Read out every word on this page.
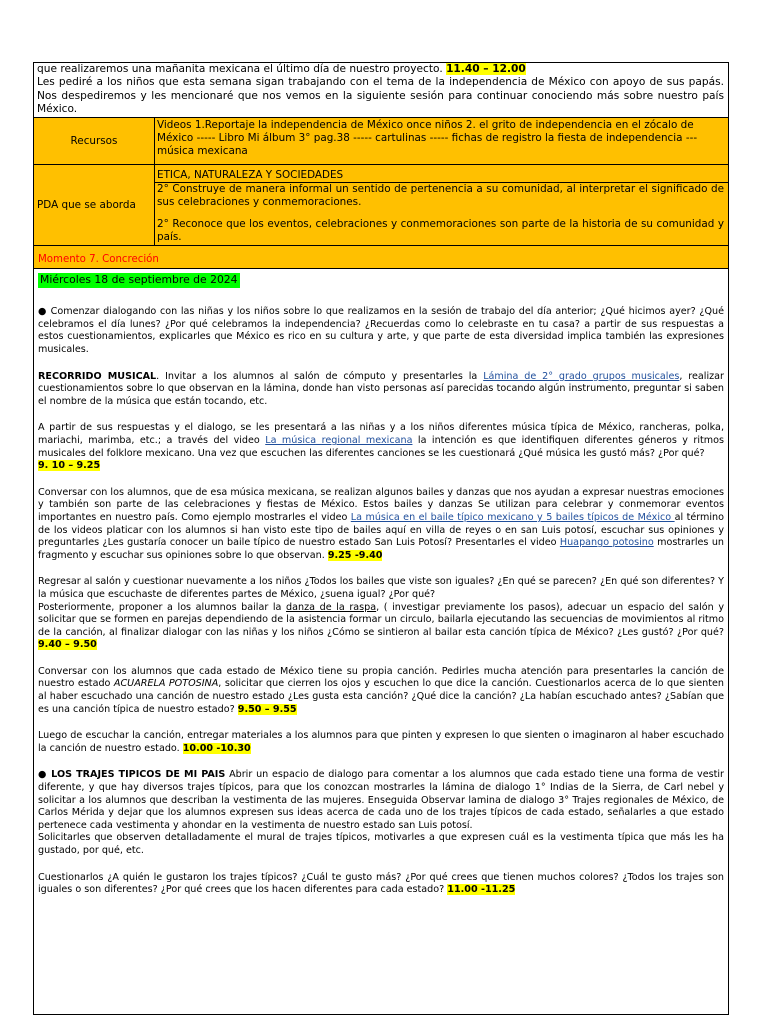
que realizaremos una mañanita mexicana el último día de nuestro proyecto. 11.40 – 12.00
Les pediré a los niños que esta semana sigan trabajando con el tema de la independencia de México con apoyo de sus papás. Nos despediremos y les mencionaré que nos vemos en la siguiente sesión para continuar conociendo más sobre nuestro país México.
Recursos
Videos 1.Reportaje la independencia de México once niños 2. el grito de independencia en el zócalo de México ----- Libro Mi álbum 3° pag.38 ----- cartulinas ----- fichas de registro la fiesta de independencia --- música mexicana
PDA que se aborda
ETICA, NATURALEZA Y SOCIEDADES
2° Construye de manera informal un sentido de pertenencia a su comunidad, al interpretar el significado de sus celebraciones y conmemoraciones.
2° Reconoce que los eventos, celebraciones y conmemoraciones son parte de la historia de su comunidad y país.
Momento 7. Concreción
Miércoles 18 de septiembre de 2024

● Comenzar dialogando con las niñas y los niños sobre lo que realizamos en la sesión de trabajo del día anterior; ¿Qué hicimos ayer? ¿Qué celebramos el día lunes? ¿Por qué celebramos la independencia? ¿Recuerdas como lo celebraste en tu casa? a partir de sus respuestas a estos cuestionamientos, explicarles que México es rico en su cultura y arte, y que parte de esta diversidad implica también las expresiones musicales.

RECORRIDO MUSICAL. Invitar a los alumnos al salón de cómputo y presentarles la Lámina de 2° grado grupos musicales, realizar cuestionamientos sobre lo que observan en la lámina, donde han visto personas así parecidas tocando algún instrumento, preguntar si saben el nombre de la música que están tocando, etc.

A partir de sus respuestas y el dialogo, se les presentará a las niñas y a los niños diferentes música típica de México, rancheras, polka, mariachi, marimba, etc.; a través del video La música regional mexicana la intención es que identifiquen diferentes géneros y ritmos musicales del folklore mexicano. Una vez que escuchen las diferentes canciones se les cuestionará ¿Qué música les gustó más? ¿Por qué?
9. 10 – 9.25

Conversar con los alumnos, que de esa música mexicana, se realizan algunos bailes y danzas que nos ayudan a expresar nuestras emociones y también son parte de las celebraciones y fiestas de México. Estos bailes y danzas Se utilizan para celebrar y conmemorar eventos importantes en nuestro país. Como ejemplo mostrarles el video La música en el baile típico mexicano y 5 bailes típicos de México al término de los videos platicar con los alumnos si han visto este tipo de bailes aquí en villa de reyes o en san Luis potosí, escuchar sus opiniones y preguntarles ¿Les gustaría conocer un baile típico de nuestro estado San Luis Potosí? Presentarles el video Huapango potosino mostrarles un fragmento y escuchar sus opiniones sobre lo que observan. 9.25 -9.40

Regresar al salón y cuestionar nuevamente a los niños ¿Todos los bailes que viste son iguales? ¿En qué se parecen? ¿En qué son diferentes? Y la música que escuchaste de diferentes partes de México, ¿suena igual? ¿Por qué?
Posteriormente, proponer a los alumnos bailar la danza de la raspa, ( investigar previamente los pasos), adecuar un espacio del salón y solicitar que se formen en parejas dependiendo de la asistencia formar un circulo, bailarla ejecutando las secuencias de movimientos al ritmo de la canción, al finalizar dialogar con las niñas y los niños ¿Cómo se sintieron al bailar esta canción típica de México? ¿Les gustó? ¿Por qué? 9.40 – 9.50

Conversar con los alumnos que cada estado de México tiene su propia canción. Pedirles mucha atención para presentarles la canción de nuestro estado ACUARELA POTOSINA, solicitar que cierren los ojos y escuchen lo que dice la canción. Cuestionarlos acerca de lo que sienten al haber escuchado una canción de nuestro estado ¿Les gusta esta canción? ¿Qué dice la canción? ¿La habían escuchado antes? ¿Sabían que es una canción típica de nuestro estado? 9.50 – 9.55

Luego de escuchar la canción, entregar materiales a los alumnos para que pinten y expresen lo que sienten o imaginaron al haber escuchado la canción de nuestro estado. 10.00 -10.30

● LOS TRAJES TIPICOS DE MI PAIS Abrir un espacio de dialogo para comentar a los alumnos que cada estado tiene una forma de vestir diferente, y que hay diversos trajes típicos, para que los conozcan mostrarles la lámina de dialogo 1° Indias de la Sierra, de Carl nebel y solicitar a los alumnos que describan la vestimenta de las mujeres. Enseguida Observar lamina de dialogo 3° Trajes regionales de México, de Carlos Mérida y dejar que los alumnos expresen sus ideas acerca de cada uno de los trajes típicos de cada estado, señalarles a que estado pertenece cada vestimenta y ahondar en la vestimenta de nuestro estado san Luis potosí.
Solicitarles que observen detalladamente el mural de trajes típicos, motivarles a que expresen cuál es la vestimenta típica que más les ha gustado, por qué, etc.

Cuestionarlos ¿A quién le gustaron los trajes típicos? ¿Cuál te gusto más? ¿Por qué crees que tienen muchos colores? ¿Todos los trajes son iguales o son diferentes? ¿Por qué crees que los hacen diferentes para cada estado? 11.00 -11.25
